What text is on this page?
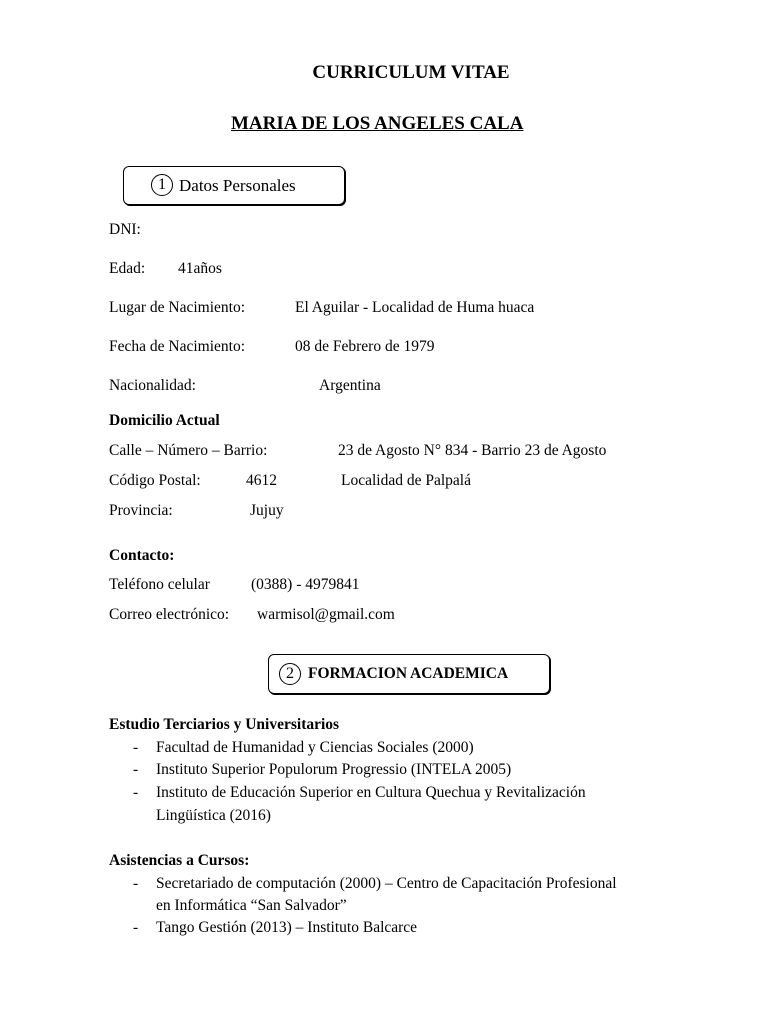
CURRICULUM VITAE
MARIA DE LOS ANGELES CALA
1 Datos Personales
DNI:
Edad: 41años
Lugar de Nacimiento:	El Aguilar - Localidad de Huma huaca
Fecha de Nacimiento:	08 de Febrero de 1979
Nacionalidad:	Argentina
Domicilio Actual
Calle – Número – Barrio:	23 de Agosto N° 834 - Barrio 23 de Agosto
Código Postal:	4612	Localidad de Palpalá
Provincia:	Jujuy
Contacto:
Teléfono celular	(0388) - 4979841
Correo electrónico: warmisol@gmail.com
2 FORMACION ACADEMICA
Estudio Terciarios y Universitarios
- Facultad de Humanidad y Ciencias Sociales (2000)
- Instituto Superior Populorum Progressio (INTELA 2005)
- Instituto de Educación Superior en Cultura Quechua y Revitalización
Lingüística (2016)
Asistencias a Cursos:
- Secretariado de computación (2000) – Centro de Capacitación Profesional
en Informática “San Salvador”
- Tango Gestión (2013) – Instituto Balcarce
